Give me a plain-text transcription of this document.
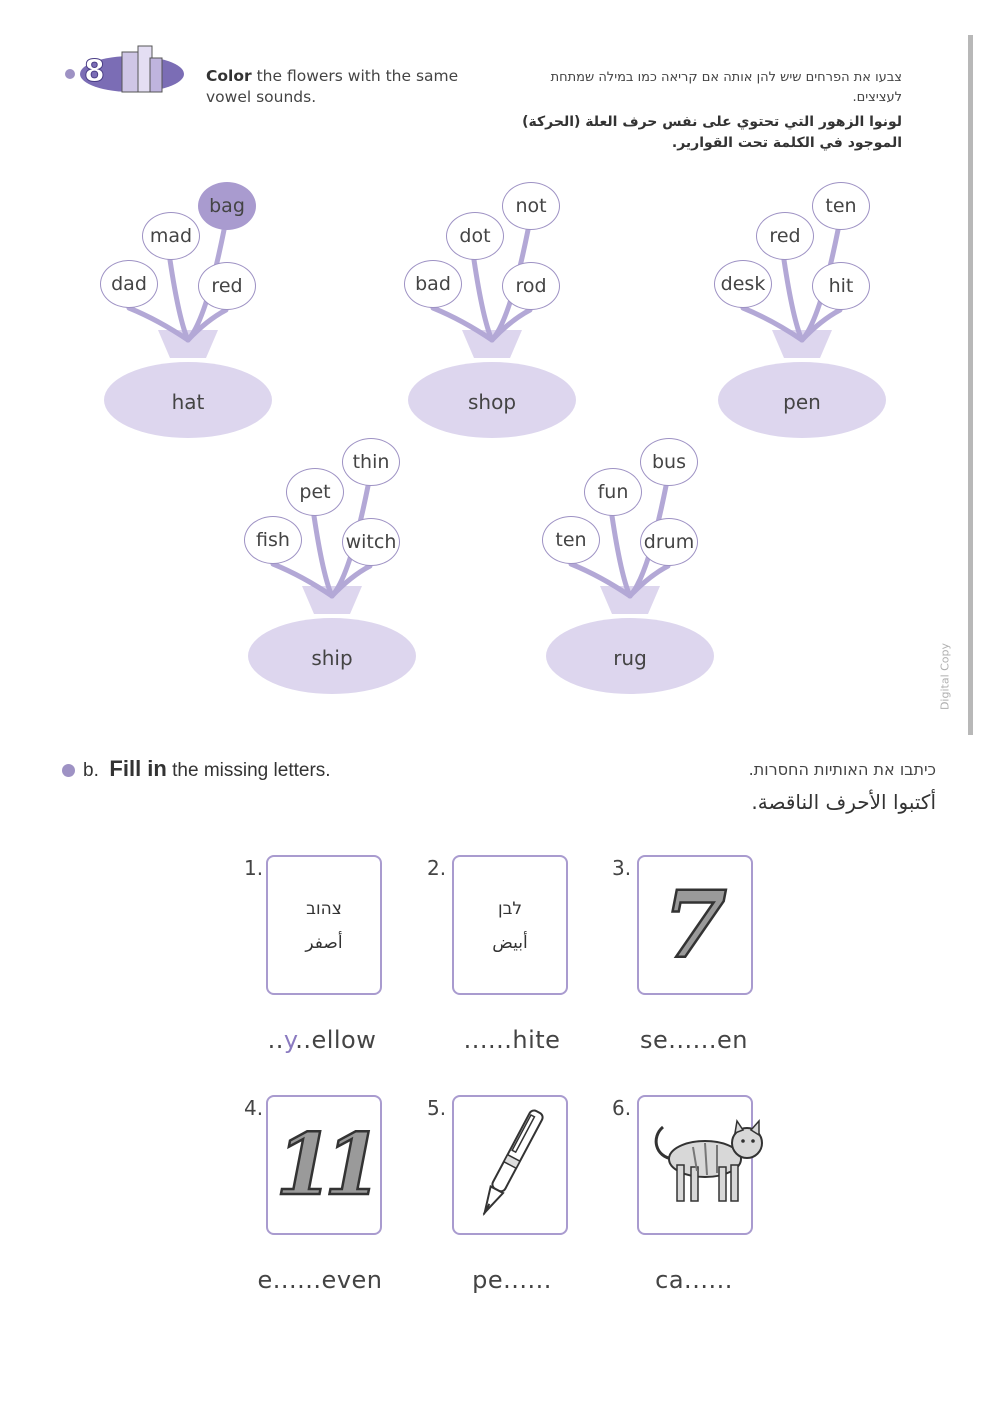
8	Color the flowers with the same vowel sounds.
צבעו את הפרחים שיש להן אותה אם קריאה כמו במילה שמתחת לעציצים.
لونوا الزهور التي تحتوي على نفس حرف العلة (الحركة) الموجود في الكلمة تحت القوارير.
bag
mad
dad	red
hat
not
dot
bad	rod
shop
ten
red
desk	hit
pen
thin
pet
fish	witch
ship
bus
fun
ten	drum
rug
b. Fill in the missing letters.	כיתבו את האותיות החסרות.
أكتبوا الأحرف الناقصة.
1.
צהוב
أصفر
..y..ellow
2.
לבן
أبيض
......hite
3.
7
se......en
4.
11
e......even
5.
pe......
6.
ca......
Digital Copy
